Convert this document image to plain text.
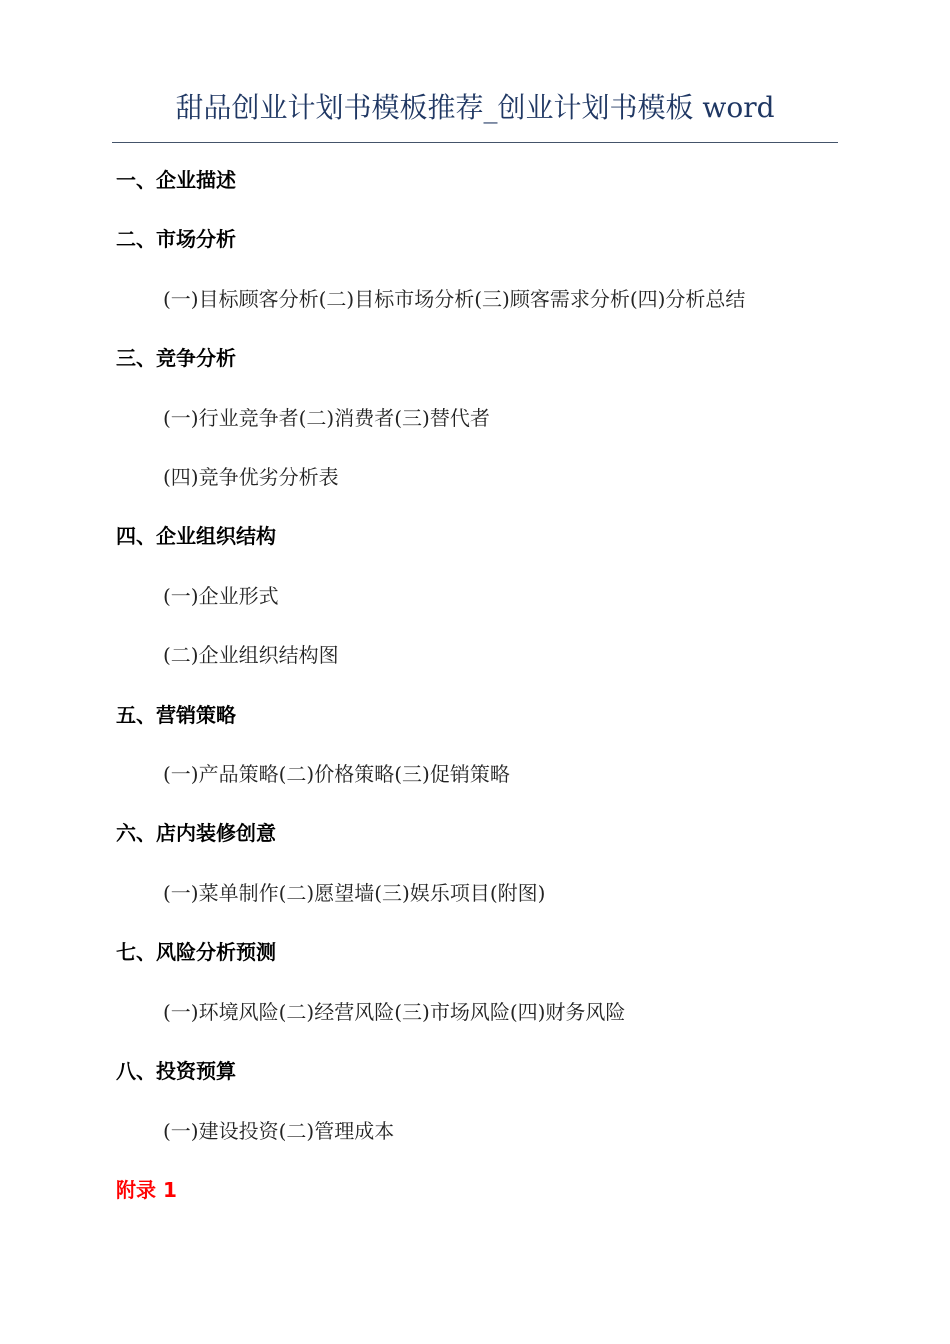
甜品创业计划书模板推荐_创业计划书模板 word
一、企业描述
二、市场分析
(一)目标顾客分析(二)目标市场分析(三)顾客需求分析(四)分析总结
三、竞争分析
(一)行业竞争者(二)消费者(三)替代者
(四)竞争优劣分析表
四、企业组织结构
(一)企业形式
(二)企业组织结构图
五、营销策略
(一)产品策略(二)价格策略(三)促销策略
六、店内装修创意
(一)菜单制作(二)愿望墙(三)娱乐项目(附图)
七、风险分析预测
(一)环境风险(二)经营风险(三)市场风险(四)财务风险
八、投资预算
(一)建设投资(二)管理成本
附录 1
